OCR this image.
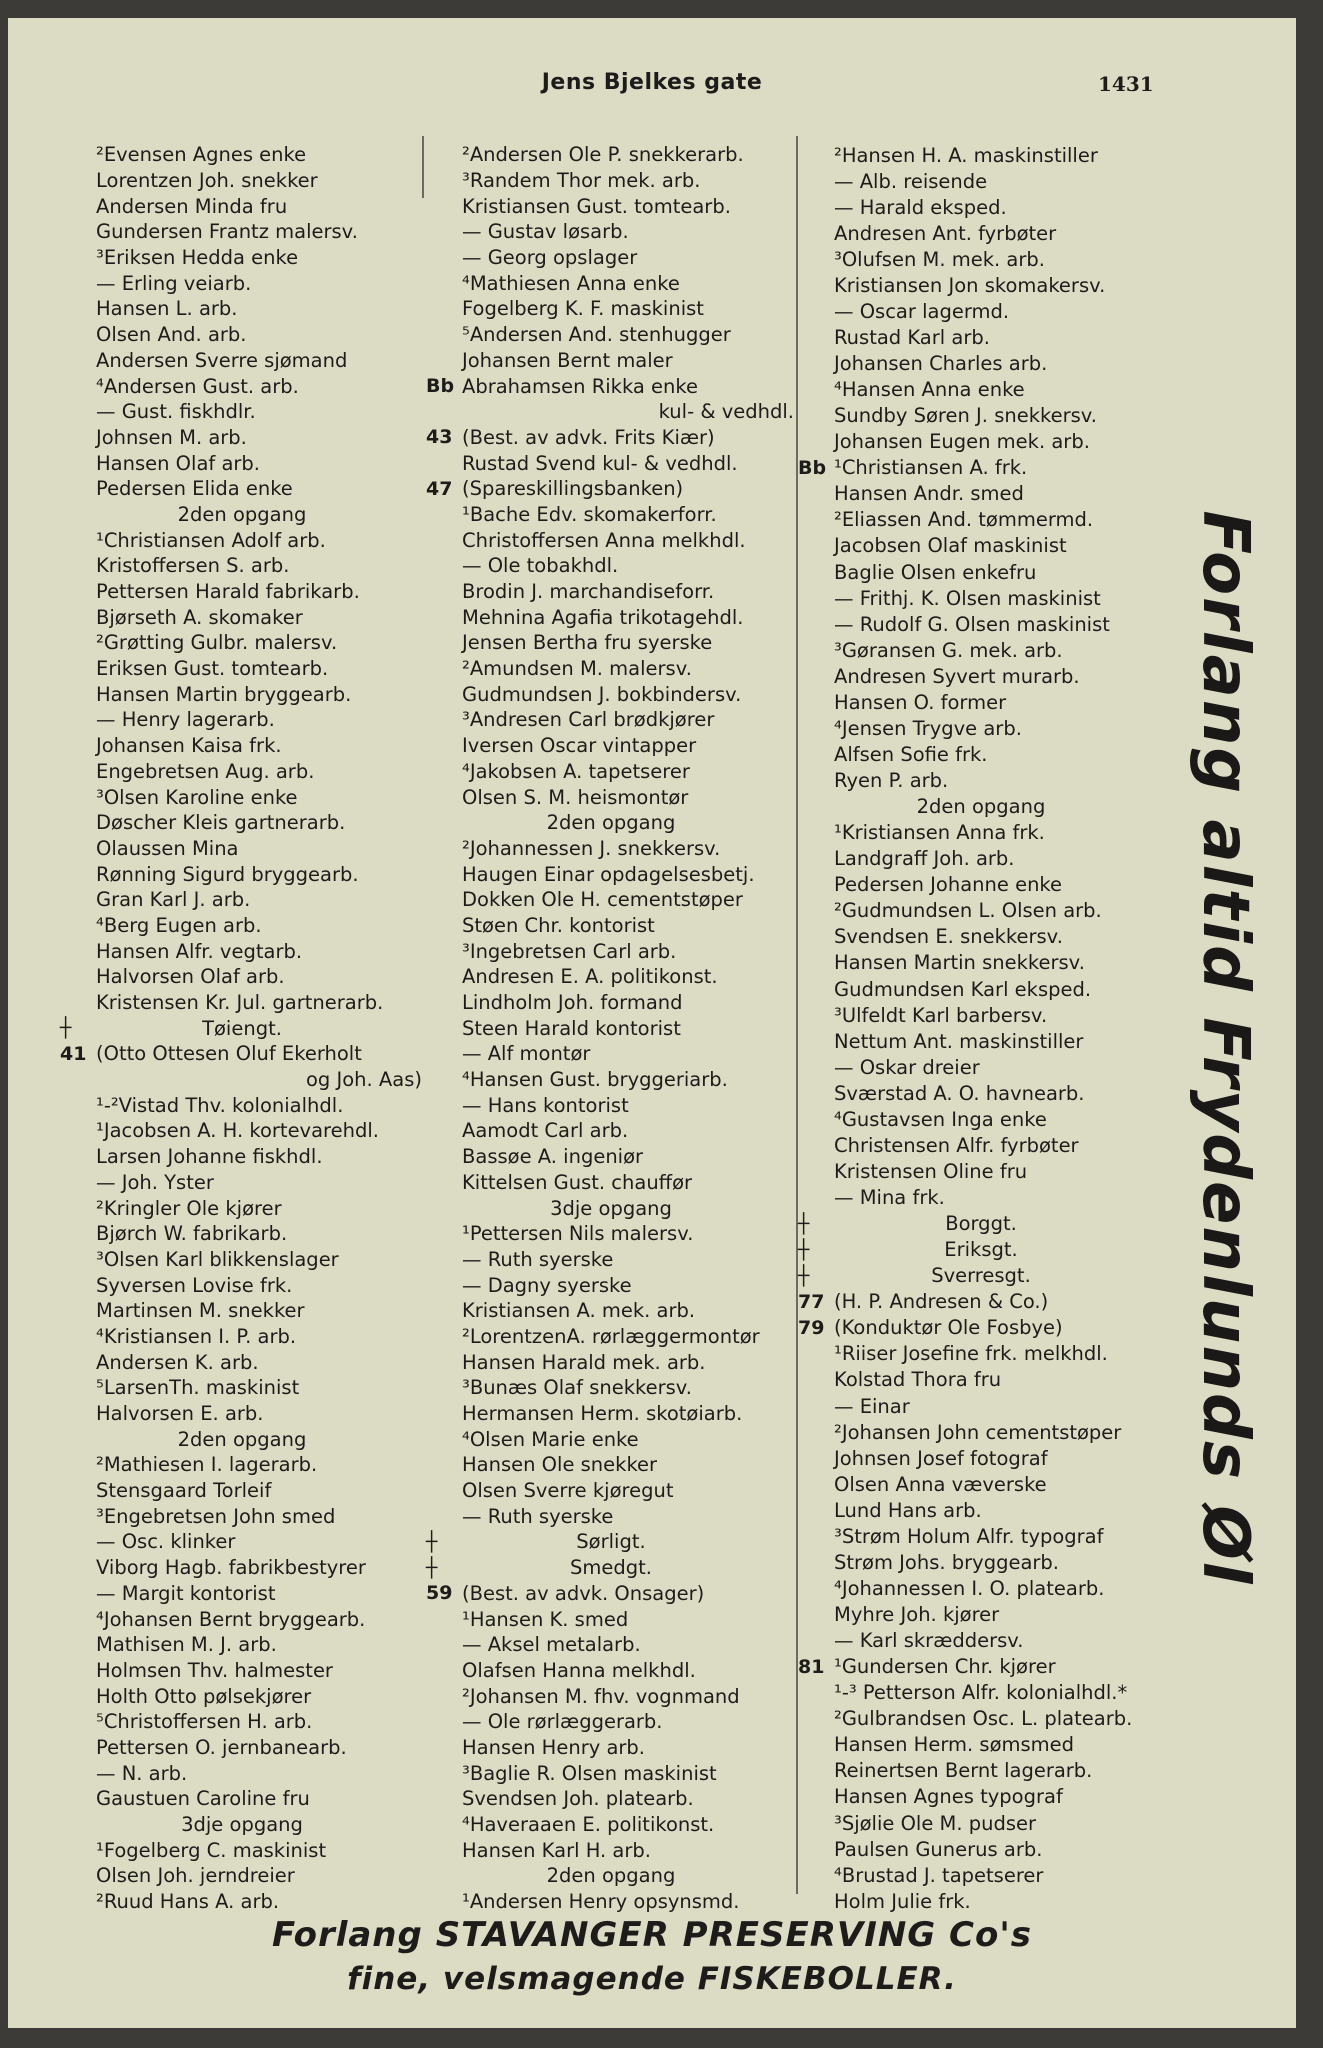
Jens Bjelkes gate	1431
²Evensen Agnes enke
Lorentzen Joh. snekker
Andersen Minda fru
Gundersen Frantz malersv.
³Eriksen Hedda enke
— Erling veiarb.
Hansen L. arb.
Olsen And. arb.
Andersen Sverre sjømand
⁴Andersen Gust. arb.
— Gust. fiskhdlr.
Johnsen M. arb.
Hansen Olaf arb.
Pedersen Elida enke
2den opgang
¹Christiansen Adolf arb.
Kristoffersen S. arb.
Pettersen Harald fabrikarb.
Bjørseth A. skomaker
²Grøtting Gulbr. malersv.
Eriksen Gust. tomtearb.
Hansen Martin bryggearb.
— Henry lagerarb.
Johansen Kaisa frk.
Engebretsen Aug. arb.
³Olsen Karoline enke
Døscher Kleis gartnerarb.
Olaussen Mina
Rønning Sigurd bryggearb.
Gran Karl J. arb.
⁴Berg Eugen arb.
Hansen Alfr. vegtarb.
Halvorsen Olaf arb.
Kristensen Kr. Jul. gartnerarb.
┼	Tøiengt.
41 (Otto Ottesen Oluf Ekerholt
og Joh. Aas)
¹-²Vistad Thv. kolonialhdl.
¹Jacobsen A. H. kortevarehdl.
Larsen Johanne fiskhdl.
— Joh. Yster
²Kringler Ole kjører
Bjørch W. fabrikarb.
³Olsen Karl blikkenslager
Syversen Lovise frk.
Martinsen M. snekker
⁴Kristiansen I. P. arb.
Andersen K. arb.
⁵LarsenTh. maskinist
Halvorsen E. arb.
2den opgang
²Mathiesen I. lagerarb.
Stensgaard Torleif
³Engebretsen John smed
— Osc. klinker
Viborg Hagb. fabrikbestyrer
— Margit kontorist
⁴Johansen Bernt bryggearb.
Mathisen M. J. arb.
Holmsen Thv. halmester
Holth Otto pølsekjører
⁵Christoffersen H. arb.
Pettersen O. jernbanearb.
— N. arb.
Gaustuen Caroline fru
3dje opgang
¹Fogelberg C. maskinist
Olsen Joh. jerndreier
²Ruud Hans A. arb.
²Andersen Ole P. snekkerarb.
³Randem Thor mek. arb.
Kristiansen Gust. tomtearb.
— Gustav løsarb.
— Georg opslager
⁴Mathiesen Anna enke
Fogelberg K. F. maskinist
⁵Andersen And. stenhugger
Johansen Bernt maler
Bb Abrahamsen Rikka enke
kul- & vedhdl.
43 (Best. av advk. Frits Kiær)
Rustad Svend kul- & vedhdl.
47 (Spareskillingsbanken)
¹Bache Edv. skomakerforr.
Christoffersen Anna melkhdl.
— Ole tobakhdl.
Brodin J. marchandiseforr.
Mehnina Agafia trikotagehdl.
Jensen Bertha fru syerske
²Amundsen M. malersv.
Gudmundsen J. bokbindersv.
³Andresen Carl brødkjører
Iversen Oscar vintapper
⁴Jakobsen A. tapetserer
Olsen S. M. heismontør
2den opgang
²Johannessen J. snekkersv.
Haugen Einar opdagelsesbetj.
Dokken Ole H. cementstøper
Støen Chr. kontorist
³Ingebretsen Carl arb.
Andresen E. A. politikonst.
Lindholm Joh. formand
Steen Harald kontorist
— Alf montør
⁴Hansen Gust. bryggeriarb.
— Hans kontorist
Aamodt Carl arb.
Bassøe A. ingeniør
Kittelsen Gust. chauffør
3dje opgang
¹Pettersen Nils malersv.
— Ruth syerske
— Dagny syerske
Kristiansen A. mek. arb.
²LorentzenA. rørlæggermontør
Hansen Harald mek. arb.
³Bunæs Olaf snekkersv.
Hermansen Herm. skotøiarb.
⁴Olsen Marie enke
Hansen Ole snekker
Olsen Sverre kjøregut
— Ruth syerske
┼	Sørligt.
┼	Smedgt.
59 (Best. av advk. Onsager)
¹Hansen K. smed
— Aksel metalarb.
Olafsen Hanna melkhdl.
²Johansen M. fhv. vognmand
— Ole rørlæggerarb.
Hansen Henry arb.
³Baglie R. Olsen maskinist
Svendsen Joh. platearb.
⁴Haveraaen E. politikonst.
Hansen Karl H. arb.
2den opgang
¹Andersen Henry opsynsmd.
²Hansen H. A. maskinstiller
— Alb. reisende
— Harald eksped.
Andresen Ant. fyrbøter
³Olufsen M. mek. arb.
Kristiansen Jon skomakersv.
— Oscar lagermd.
Rustad Karl arb.
Johansen Charles arb.
⁴Hansen Anna enke
Sundby Søren J. snekkersv.
Johansen Eugen mek. arb.
Bb ¹Christiansen A. frk.
Hansen Andr. smed
²Eliassen And. tømmermd.
Jacobsen Olaf maskinist
Baglie Olsen enkefru
— Frithj. K. Olsen maskinist
— Rudolf G. Olsen maskinist
³Gøransen G. mek. arb.
Andresen Syvert murarb.
Hansen O. former
⁴Jensen Trygve arb.
Alfsen Sofie frk.
Ryen P. arb.
2den opgang
¹Kristiansen Anna frk.
Landgraff Joh. arb.
Pedersen Johanne enke
²Gudmundsen L. Olsen arb.
Svendsen E. snekkersv.
Hansen Martin snekkersv.
Gudmundsen Karl eksped.
³Ulfeldt Karl barbersv.
Nettum Ant. maskinstiller
— Oskar dreier
Sværstad A. O. havnearb.
⁴Gustavsen Inga enke
Christensen Alfr. fyrbøter
Kristensen Oline fru
— Mina frk.
┼	Borggt.
┼	Eriksgt.
┼	Sverresgt.
77 (H. P. Andresen & Co.)
79 (Konduktør Ole Fosbye)
¹Riiser Josefine frk. melkhdl.
Kolstad Thora fru
— Einar
²Johansen John cementstøper
Johnsen Josef fotograf
Olsen Anna væverske
Lund Hans arb.
³Strøm Holum Alfr. typograf
Strøm Johs. bryggearb.
⁴Johannessen I. O. platearb.
Myhre Joh. kjører
— Karl skræddersv.
81 ¹Gundersen Chr. kjører
¹-³ Petterson Alfr. kolonialhdl.*
²Gulbrandsen Osc. L. platearb.
Hansen Herm. sømsmed
Reinertsen Bernt lagerarb.
Hansen Agnes typograf
³Sjølie Ole M. pudser
Paulsen Gunerus arb.
⁴Brustad J. tapetserer
Holm Julie frk.
Forlang altid Frydenlunds Øl
Forlang STAVANGER PRESERVING Co's
fine, velsmagende FISKEBOLLER.
